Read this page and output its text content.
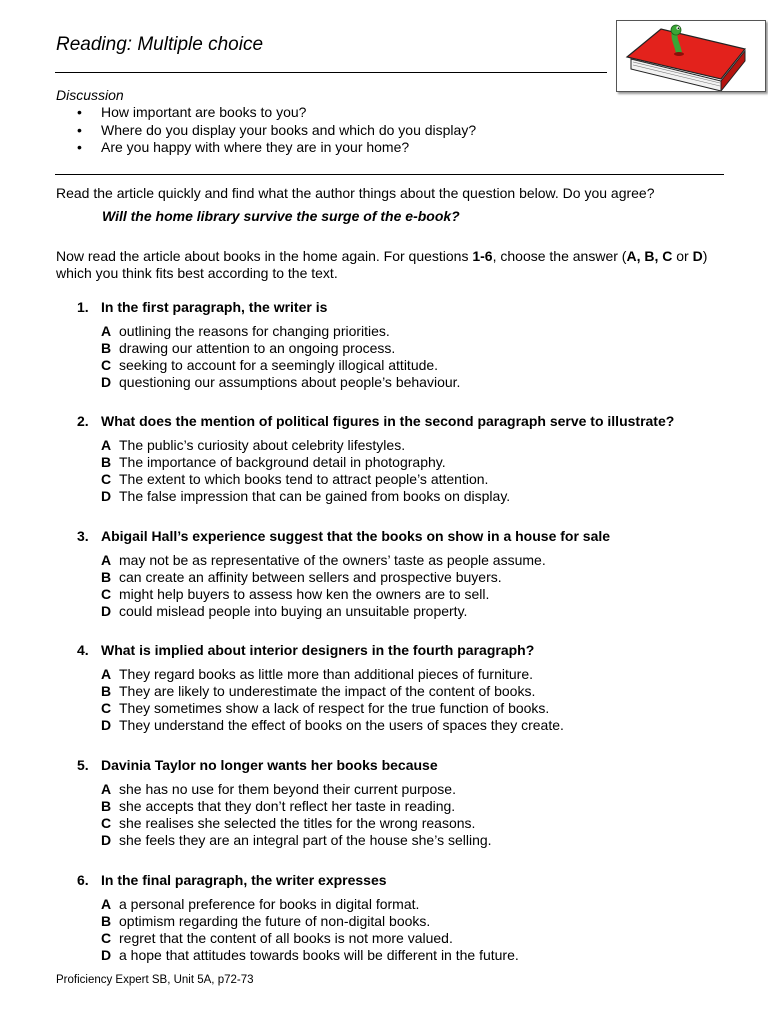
Reading: Multiple choice
Discussion
• How important are books to you?
• Where do you display your books and which do you display?
• Are you happy with where they are in your home?
Read the article quickly and find what the author things about the question below. Do you agree?
Will the home library survive the surge of the e-book?
Now read the article about books in the home again. For questions 1-6, choose the answer (A, B, C or D) which you think fits best according to the text.
1. In the first paragraph, the writer is
A outlining the reasons for changing priorities.
B drawing our attention to an ongoing process.
C seeking to account for a seemingly illogical attitude.
D questioning our assumptions about people’s behaviour.
2. What does the mention of political figures in the second paragraph serve to illustrate?
A The public’s curiosity about celebrity lifestyles.
B The importance of background detail in photography.
C The extent to which books tend to attract people’s attention.
D The false impression that can be gained from books on display.
3. Abigail Hall’s experience suggest that the books on show in a house for sale
A may not be as representative of the owners’ taste as people assume.
B can create an affinity between sellers and prospective buyers.
C might help buyers to assess how ken the owners are to sell.
D could mislead people into buying an unsuitable property.
4. What is implied about interior designers in the fourth paragraph?
A They regard books as little more than additional pieces of furniture.
B They are likely to underestimate the impact of the content of books.
C They sometimes show a lack of respect for the true function of books.
D They understand the effect of books on the users of spaces they create.
5. Davinia Taylor no longer wants her books because
A she has no use for them beyond their current purpose.
B she accepts that they don’t reflect her taste in reading.
C she realises she selected the titles for the wrong reasons.
D she feels they are an integral part of the house she’s selling.
6. In the final paragraph, the writer expresses
A a personal preference for books in digital format.
B optimism regarding the future of non-digital books.
C regret that the content of all books is not more valued.
D a hope that attitudes towards books will be different in the future.
Proficiency Expert SB, Unit 5A, p72-73
